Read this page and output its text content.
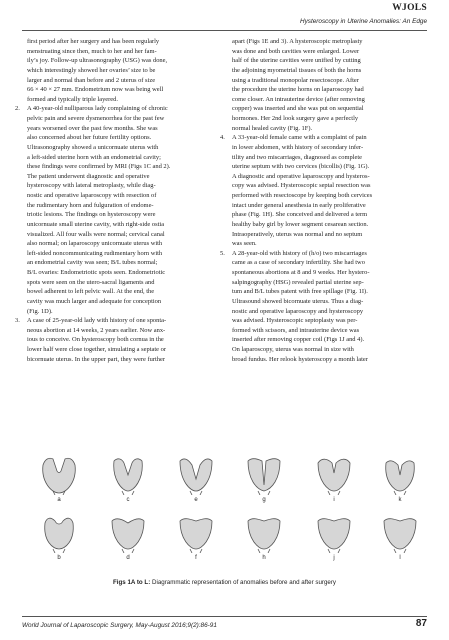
WJOLS
Hysteroscopy in Uterine Anomalies: An Edge
first period after her surgery and has been regularly
menstruating since then, much to her and her fam-
ily’s joy. Follow-up ultrasonography (USG) was done,
which interestingly showed her ovaries’ size to be
larger and normal than before and 2 uterus of size
66 × 40 × 27 mm. Endometrium now was being well
formed and typically triple layered.
2. A 40-year-old nulliparous lady complaining of chronic
pelvic pain and severe dysmenorrhea for the past few
years worsened over the past few months. She was
also concerned about her future fertility options.
Ultrasonography showed a unicornuate uterus with
a left-sided uterine horn with an endometrial cavity;
these findings were confirmed by MRI (Figs 1C and 2).
The patient underwent diagnostic and operative
hysteroscopy with lateral metroplasty, while diag-
nostic and operative laparoscopy with resection of
the rudimentary horn and fulguration of endome-
triotic lesions. The findings on hysteroscopy were
unicornuate small uterine cavity, with right-side ostia
visualized. All four walls were normal; cervical canal
also normal; on laparoscopy unicornuate uterus with
left-sided noncommunicating rudimentary horn with
an endometrial cavity was seen; B/L tubes normal;
B/L ovaries: Endometriotic spots seen. Endometriotic
spots were seen on the utero-sacral ligaments and
bowel adherent to left pelvic wall. At the end, the
cavity was much larger and adequate for conception
(Fig. 1D).
3. A case of 25-year-old lady with history of one sponta-
neous abortion at 14 weeks, 2 years earlier. Now anx-
ious to conceive. On hysteroscopy both cornua in the
lower half were close together, simulating a septate or
bicornuate uterus. In the upper part, they were further
apart (Figs 1E and 3). A hysteroscopic metroplasty
was done and both cavities were enlarged. Lower
half of the uterine cavities were unified by cutting
the adjoining myometrial tissues of both the horns
using a traditional monopolar resectoscope. After
the procedure the uterine horns on laparoscopy had
come closer. An intrauterine device (after removing
copper) was inserted and she was put on sequential
hormones. Her 2nd look surgery gave a perfectly
normal healed cavity (Fig. 1F).
4. A 33-year-old female came with a complaint of pain
in lower abdomen, with history of secondary infer-
tility and two miscarriages, diagnosed as complete
uterine septum with two cervices (bicollis) (Fig. 1G).
A diagnostic and operative laparoscopy and hysteros-
copy was advised. Hysteroscopic septal resection was
performed with resectoscope by keeping both cervices
intact under general anesthesia in early proliferative
phase (Fig. 1H). She conceived and delivered a term
healthy baby girl by lower segment cesarean section.
Intraoperatively, uterus was normal and no septum
was seen.
5. A 28-year-old with history of (h/o) two miscarriages
came as a case of secondary infertility. She had two
spontaneous abortions at 8 and 9 weeks. Her hystero-
salpingography (HSG) revealed partial uterine sep-
tum and B/L tubes patent with free spillage (Fig. 1I).
Ultrasound showed bicornuate uterus. Thus a diag-
nostic and operative laparoscopy and hysteroscopy
was advised. Hysteroscopic septoplasty was per-
formed with scissors, and intrauterine device was
inserted after removing copper coil (Figs 1J and 4).
On laparoscopy, uterus was normal in size with
broad fundus. Her relook hysteroscopy a month later
a
b
c
d
e
f
g
h
i
j
k
l
Figs 1A to L: Diagrammatic representation of anomalies before and after surgery
World Journal of Laparoscopic Surgery, May-August 2016;9(2):86-91	87
